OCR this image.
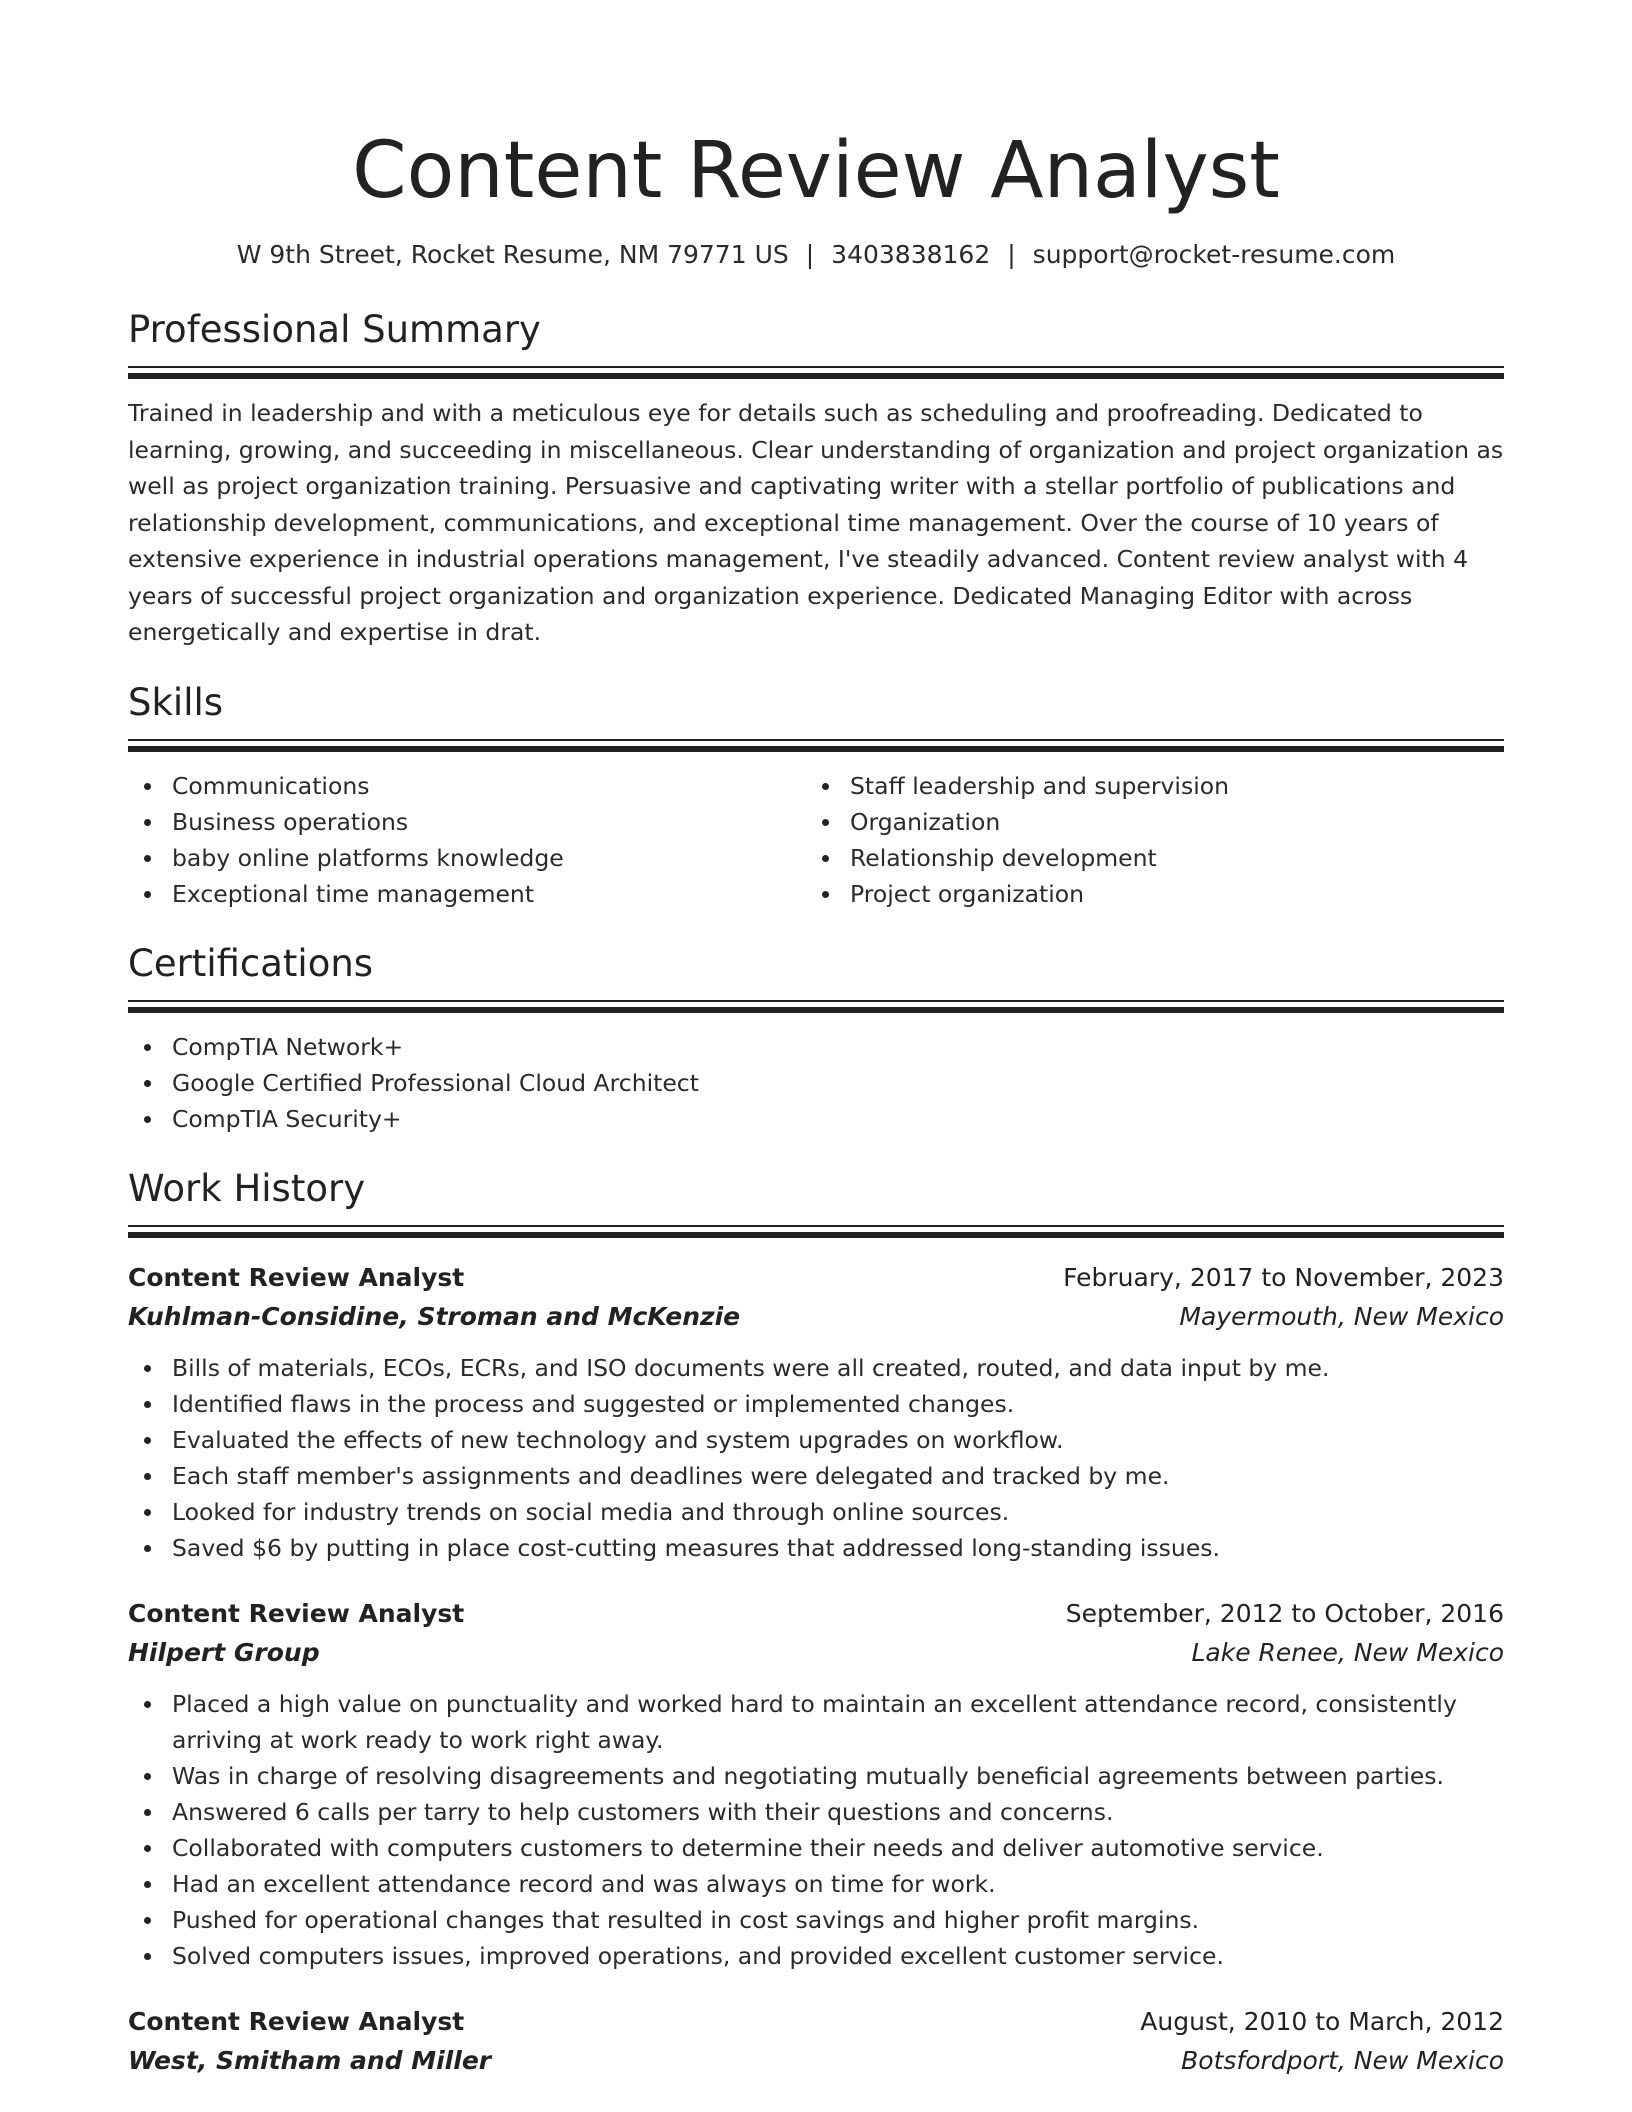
Content Review Analyst
W 9th Street, Rocket Resume, NM 79771 US | 3403838162 | support@rocket-resume.com
Professional Summary

Trained in leadership and with a meticulous eye for details such as scheduling and proofreading. Dedicated to learning, growing, and succeeding in miscellaneous. Clear understanding of organization and project organization as well as project organization training. Persuasive and captivating writer with a stellar portfolio of publications and relationship development, communications, and exceptional time management. Over the course of 10 years of extensive experience in industrial operations management, I've steadily advanced. Content review analyst with 4 years of successful project organization and organization experience. Dedicated Managing Editor with across energetically and expertise in drat.

Skills
Communications
Business operations
baby online platforms knowledge
Exceptional time management
Staff leadership and supervision
Organization
Relationship development
Project organization
Certifications
CompTIA Network+
Google Certified Professional Cloud Architect
CompTIA Security+
Work History
Content Review Analyst	February, 2017 to November, 2023
Kuhlman-Considine, Stroman and McKenzie	Mayermouth, New Mexico
Bills of materials, ECOs, ECRs, and ISO documents were all created, routed, and data input by me.
Identified flaws in the process and suggested or implemented changes.
Evaluated the effects of new technology and system upgrades on workflow.
Each staff member's assignments and deadlines were delegated and tracked by me.
Looked for industry trends on social media and through online sources.
Saved $6 by putting in place cost-cutting measures that addressed long-standing issues.
Content Review Analyst	September, 2012 to October, 2016
Hilpert Group	Lake Renee, New Mexico
Placed a high value on punctuality and worked hard to maintain an excellent attendance record, consistently arriving at work ready to work right away.
Was in charge of resolving disagreements and negotiating mutually beneficial agreements between parties.
Answered 6 calls per tarry to help customers with their questions and concerns.
Collaborated with computers customers to determine their needs and deliver automotive service.
Had an excellent attendance record and was always on time for work.
Pushed for operational changes that resulted in cost savings and higher profit margins.
Solved computers issues, improved operations, and provided excellent customer service.
Content Review Analyst	August, 2010 to March, 2012
West, Smitham and Miller	Botsfordport, New Mexico
